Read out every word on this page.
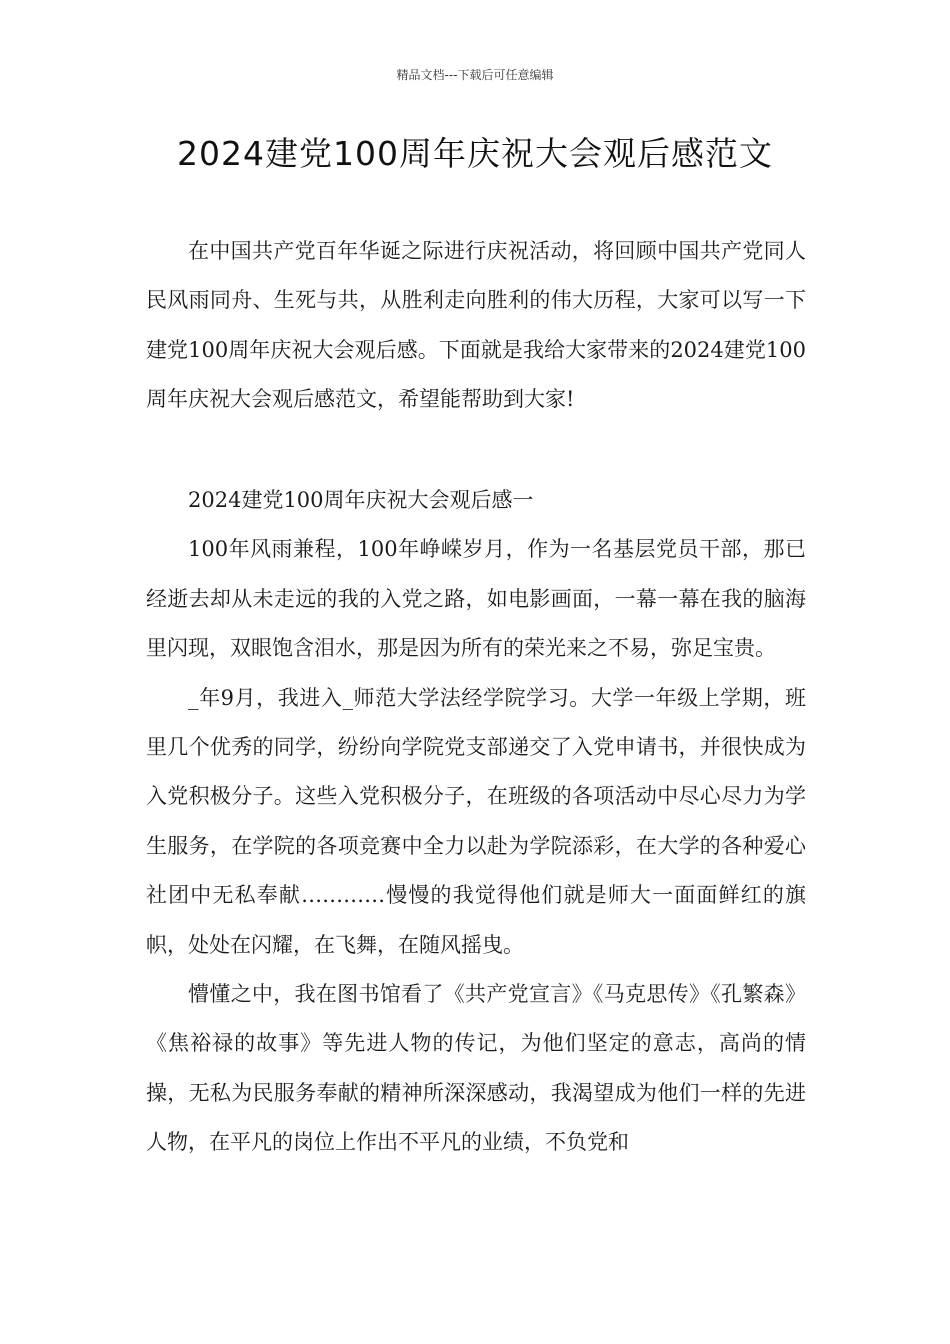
精品文档---下载后可任意编辑
2024建党100周年庆祝大会观后感范文

在中国共产党百年华诞之际进行庆祝活动，将回顾中国共产党同人民风雨同舟、生死与共，从胜利走向胜利的伟大历程，大家可以写一下建党100周年庆祝大会观后感。下面就是我给大家带来的2024建党100周年庆祝大会观后感范文，希望能帮助到大家!

2024建党100周年庆祝大会观后感一

100年风雨兼程，100年峥嵘岁月，作为一名基层党员干部，那已经逝去却从未走远的我的入党之路，如电影画面，一幕一幕在我的脑海里闪现，双眼饱含泪水，那是因为所有的荣光来之不易，弥足宝贵。

_年9月，我进入_师范大学法经学院学习。大学一年级上学期，班里几个优秀的同学，纷纷向学院党支部递交了入党申请书，并很快成为入党积极分子。这些入党积极分子，在班级的各项活动中尽心尽力为学生服务，在学院的各项竞赛中全力以赴为学院添彩，在大学的各种爱心社团中无私奉献…………慢慢的我觉得他们就是师大一面面鲜红的旗帜，处处在闪耀，在飞舞，在随风摇曳。

懵懂之中，我在图书馆看了《共产党宣言》《马克思传》《孔繁森》《焦裕禄的故事》等先进人物的传记，为他们坚定的意志，高尚的情操，无私为民服务奉献的精神所深深感动，我渴望成为他们一样的先进人物，在平凡的岗位上作出不平凡的业绩，不负党和
